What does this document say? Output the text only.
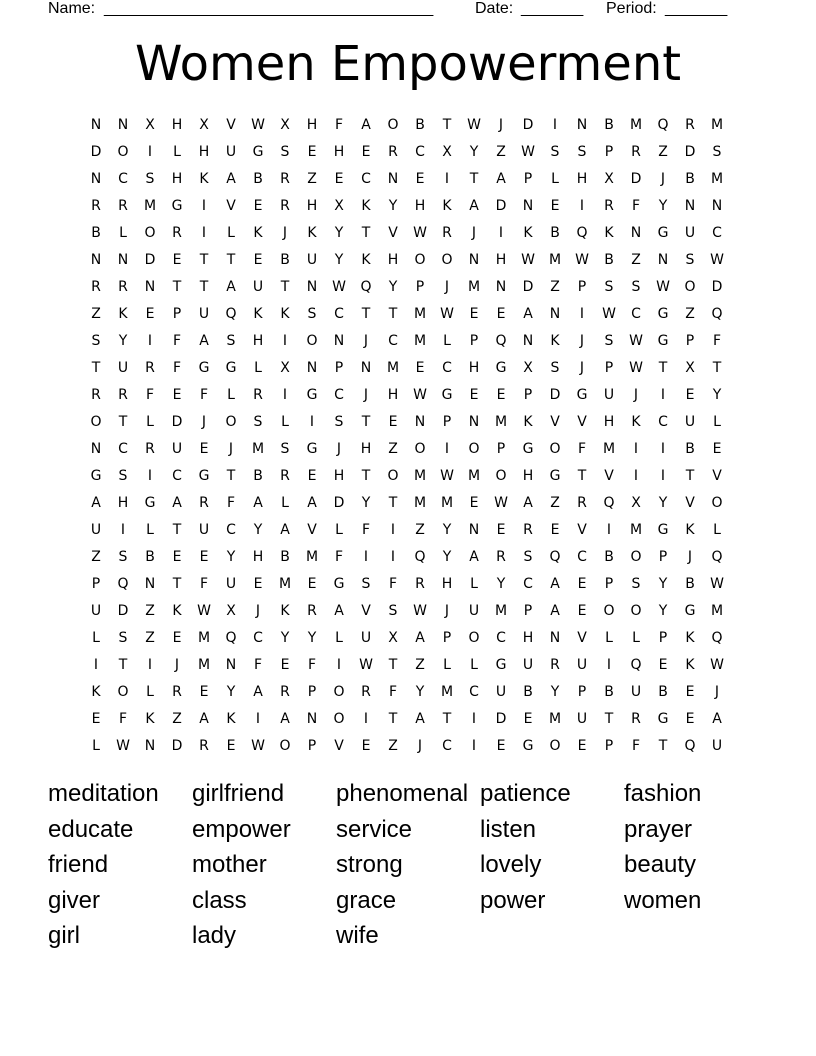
Name:

_____________________________________

	Date:

_______

Period:

_______

Women Empowerment
N	N	X	H	X	V	W	X	H	F	A	O	B	T	W	J	D	I	N	B	M	Q	R	M
D	O	I	L	H	U	G	S	E	H	E	R	C	X	Y	Z	W	S	S	P	R	Z	D	S
N	C	S	H	K	A	B	R	Z	E	C	N	E	I	T	A	P	L	H	X	D	J	B	M
R	R	M	G	I	V	E	R	H	X	K	Y	H	K	A	D	N	E	I	R	F	Y	N	N
B	L	O	R	I	L	K	J	K	Y	T	V	W	R	J	I	K	B	Q	K	N	G	U	C
N	N	D	E	T	T	E	B	U	Y	K	H	O	O	N	H	W	M	W	B	Z	N	S	W
R	R	N	T	T	A	U	T	N	W	Q	Y	P	J	M	N	D	Z	P	S	S	W	O	D
Z	K	E	P	U	Q	K	K	S	C	T	T	M	W	E	E	A	N	I	W	C	G	Z	Q
S	Y	I	F	A	S	H	I	O	N	J	C	M	L	P	Q	N	K	J	S	W	G	P	F
T	U	R	F	G	G	L	X	N	P	N	M	E	C	H	G	X	S	J	P	W	T	X	T
R	R	F	E	F	L	R	I	G	C	J	H	W	G	E	E	P	D	G	U	J	I	E	Y
O	T	L	D	J	O	S	L	I	S	T	E	N	P	N	M	K	V	V	H	K	C	U	L
N	C	R	U	E	J	M	S	G	J	H	Z	O	I	O	P	G	O	F	M	I	I	B	E
G	S	I	C	G	T	B	R	E	H	T	O	M	W	M	O	H	G	T	V	I	I	T	V
A	H	G	A	R	F	A	L	A	D	Y	T	M	M	E	W	A	Z	R	Q	X	Y	V	O
U	I	L	T	U	C	Y	A	V	L	F	I	Z	Y	N	E	R	E	V	I	M	G	K	L
Z	S	B	E	E	Y	H	B	M	F	I	I	Q	Y	A	R	S	Q	C	B	O	P	J	Q
P	Q	N	T	F	U	E	M	E	G	S	F	R	H	L	Y	C	A	E	P	S	Y	B	W
U	D	Z	K	W	X	J	K	R	A	V	S	W	J	U	M	P	A	E	O	O	Y	G	M
L	S	Z	E	M	Q	C	Y	Y	L	U	X	A	P	O	C	H	N	V	L	L	P	K	Q
I	T	I	J	M	N	F	E	F	I	W	T	Z	L	L	G	U	R	U	I	Q	E	K	W
K	O	L	R	E	Y	A	R	P	O	R	F	Y	M	C	U	B	Y	P	B	U	B	E	J
E	F	K	Z	A	K	I	A	N	O	I	T	A	T	I	D	E	M	U	T	R	G	E	A
L	W	N	D	R	E	W	O	P	V	E	Z	J	C	I	E	G	O	E	P	F	T	Q	U
meditation girlfriend phenomenal patience fashion
educate empower service	listen	prayer
friend	mother	strong	lovely	beauty
giver	class	grace	power	women
girl	lady	wife
